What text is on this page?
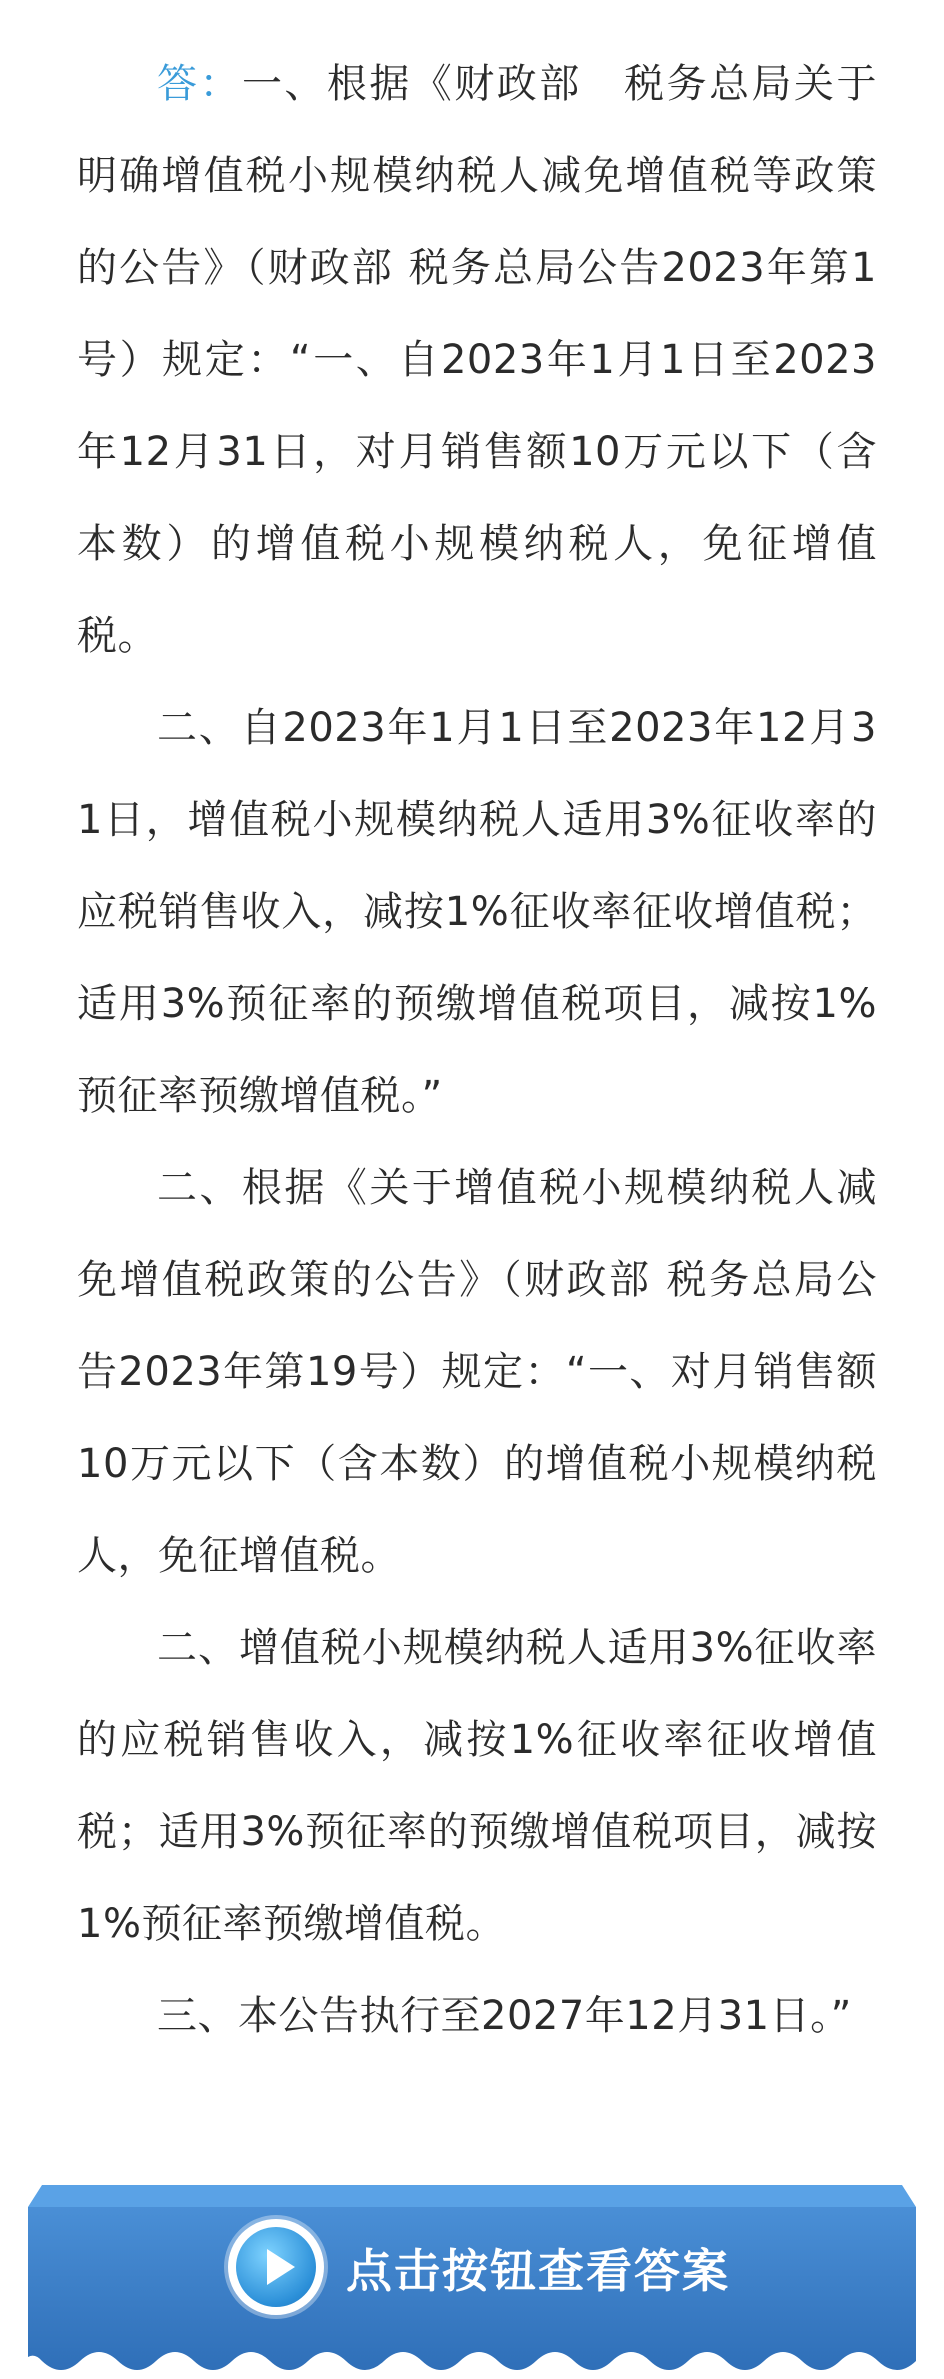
答：一、根据《财政部　税务总局关于明确增值税小规模纳税人减免增值税等政策的公告》（财政部 税务总局公告2023年第1号）规定：“一、自2023年1月1日至2023年12月31日，对月销售额10万元以下（含本数）的增值税小规模纳税人，免征增值税。

二、自2023年1月1日至2023年12月31日，增值税小规模纳税人适用3%征收率的应税销售收入，减按1%征收率征收增值税；适用3%预征率的预缴增值税项目，减按1%预征率预缴增值税。”

二、根据《关于增值税小规模纳税人减免增值税政策的公告》（财政部 税务总局公告2023年第19号）规定：“一、对月销售额10万元以下（含本数）的增值税小规模纳税人，免征增值税。

二、增值税小规模纳税人适用3%征收率的应税销售收入，减按1%征收率征收增值税；适用3%预征率的预缴增值税项目，减按1%预征率预缴增值税。

三、本公告执行至2027年12月31日。”

点击按钮查看答案
